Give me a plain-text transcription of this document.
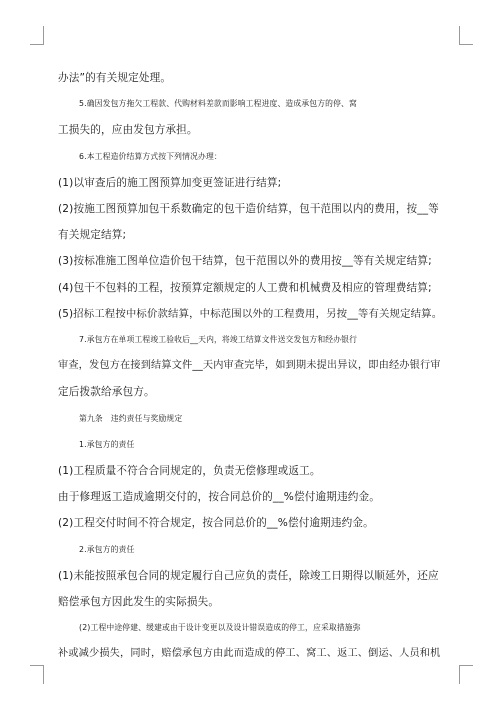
办法”的有关规定处理。

5.确因发包方拖欠工程款、代购材料差款而影响工程进度、造成承包方的停、窝

工损失的，应由发包方承担。

6.本工程造价结算方式按下列情况办理：

(1)以审查后的施工图预算加变更签证进行结算;

(2)按施工图预算加包干系数确定的包干造价结算，包干范围以内的费用，按__等

有关规定结算;

(3)按标准施工图单位造价包干结算，包干范围以外的费用按__等有关规定结算;

(4)包干不包料的工程，按预算定额规定的人工费和机械费及相应的管理费结算;

(5)招标工程按中标价款结算，中标范围以外的工程费用，另按__等有关规定结算。

7.承包方在单项工程竣工验收后__天内，将竣工结算文件送交发包方和经办银行

审查，发包方在接到结算文件__天内审查完毕，如到期未提出异议，即由经办银行审

定后拨款给承包方。

第九条　违约责任与奖励规定

1.承包方的责任

(1)工程质量不符合合同规定的，负责无偿修理或返工。

由于修理返工造成逾期交付的，按合同总价的__%偿付逾期违约金。

(2)工程交付时间不符合规定，按合同总价的__%偿付逾期违约金。

2.承包方的责任

(1)未能按照承包合同的规定履行自己应负的责任，除竣工日期得以顺延外，还应

赔偿承包方因此发生的实际损失。

(2)工程中途停建、缓建或由于设计变更以及设计错误造成的停工，应采取措施弥

补或减少损失，同时，赔偿承包方由此而造成的停工、窝工、返工、倒运、人员和机
